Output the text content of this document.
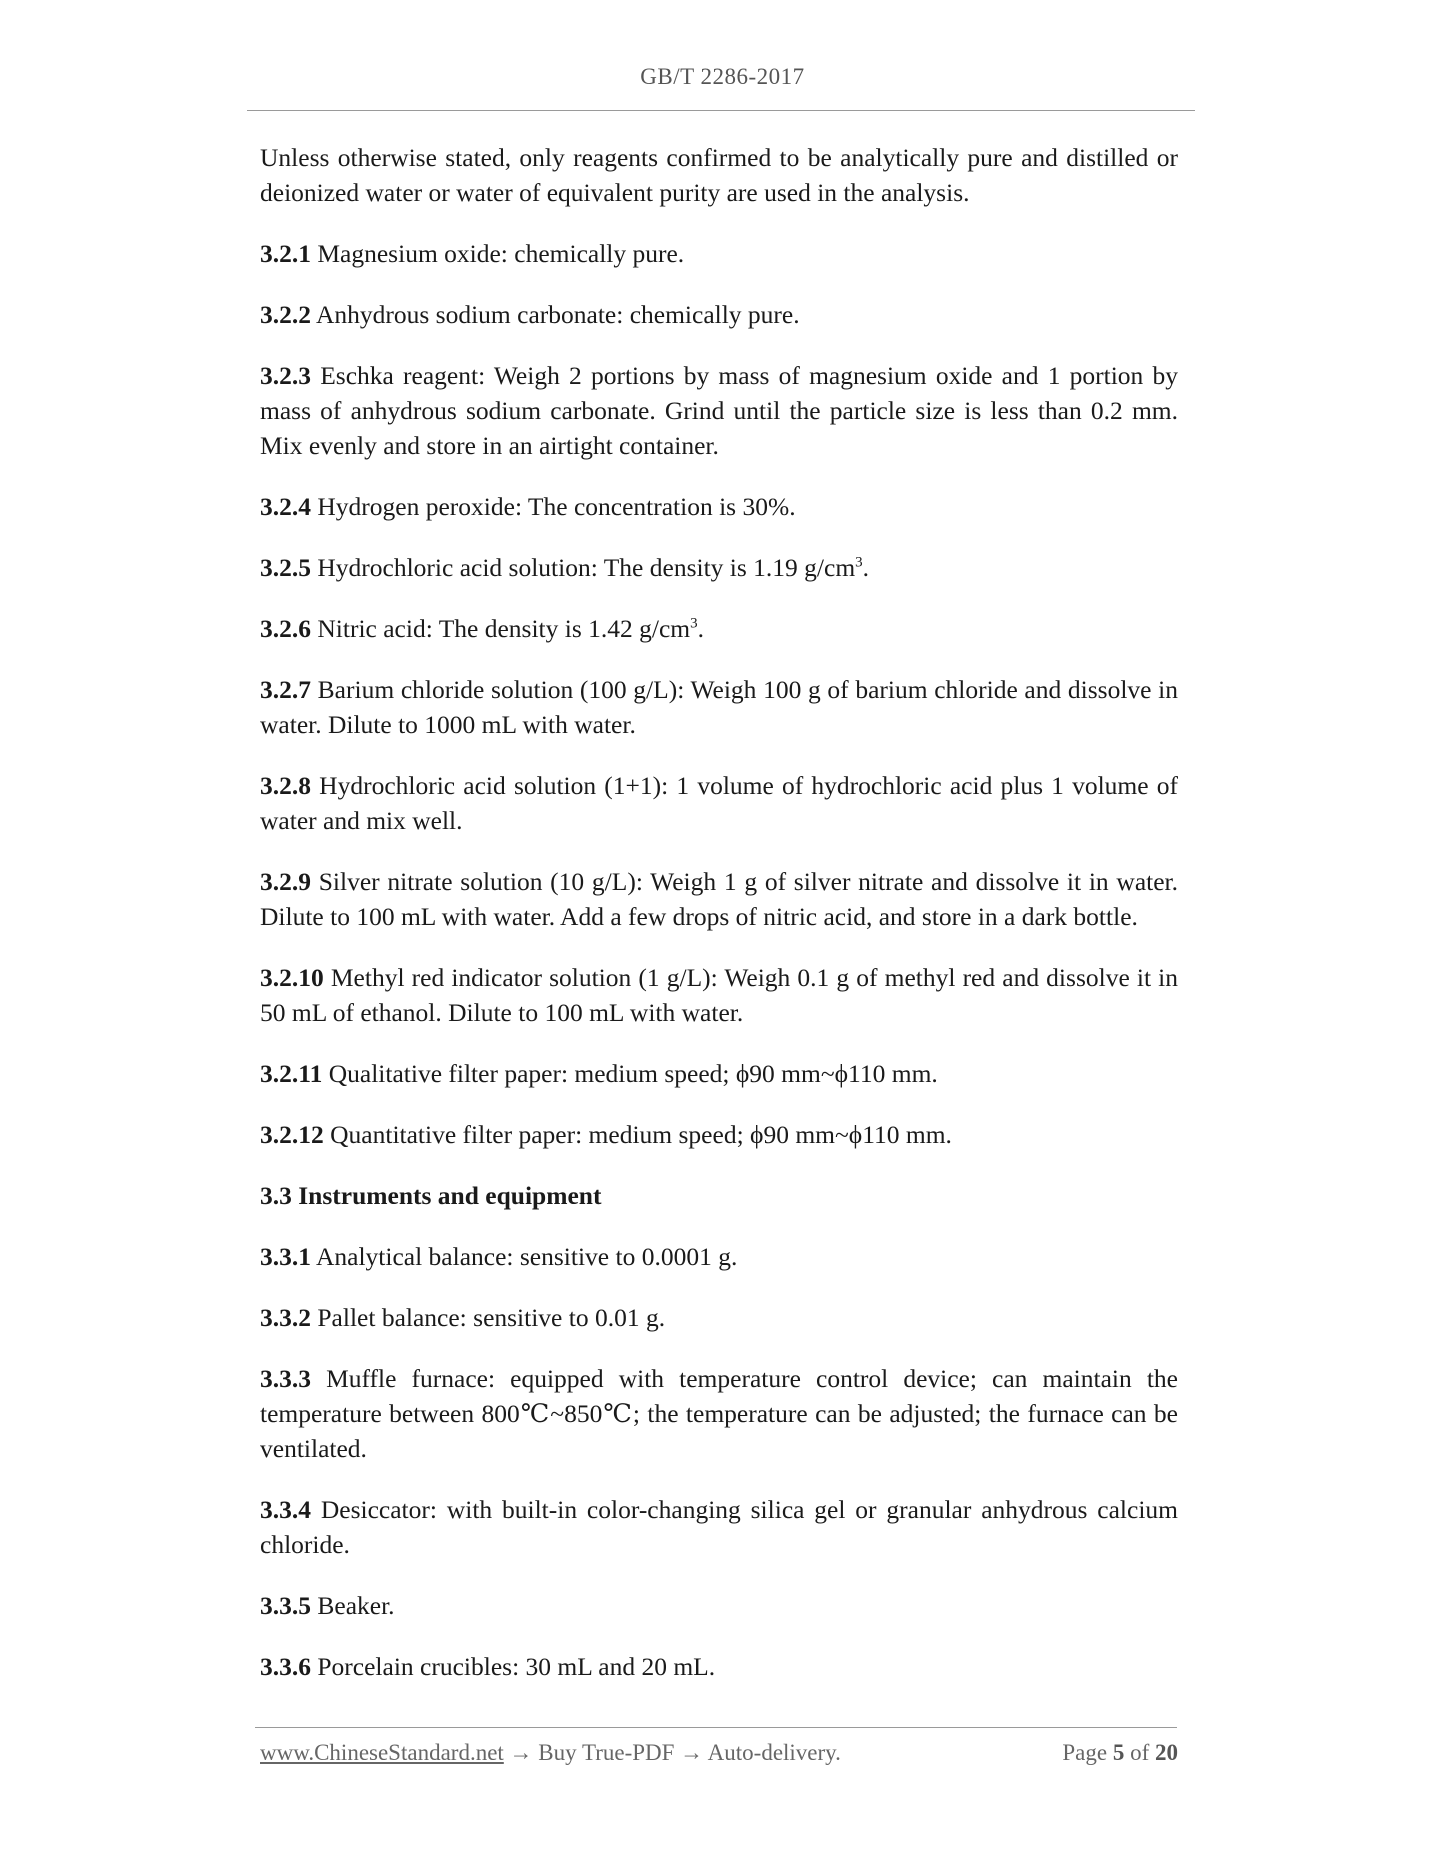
GB/T 2286-2017

Unless otherwise stated, only reagents confirmed to be analytically pure and distilled or deionized water or water of equivalent purity are used in the analysis.

3.2.1 Magnesium oxide: chemically pure.

3.2.2 Anhydrous sodium carbonate: chemically pure.

3.2.3 Eschka reagent: Weigh 2 portions by mass of magnesium oxide and 1 portion by mass of anhydrous sodium carbonate. Grind until the particle size is less than 0.2 mm. Mix evenly and store in an airtight container.

3.2.4 Hydrogen peroxide: The concentration is 30%.

3.2.5 Hydrochloric acid solution: The density is 1.19 $g/cm^3$.

3.2.6 Nitric acid: The density is 1.42 $g/cm^3$.

3.2.7 Barium chloride solution (100 g/L): Weigh 100 g of barium chloride and dissolve in water. Dilute to 1000 mL with water.

3.2.8 Hydrochloric acid solution (1+1): 1 volume of hydrochloric acid plus 1 volume of water and mix well.

3.2.9 Silver nitrate solution (10 g/L): Weigh 1 g of silver nitrate and dissolve it in water. Dilute to 100 mL with water. Add a few drops of nitric acid, and store in a dark bottle.

3.2.10 Methyl red indicator solution (1 g/L): Weigh 0.1 g of methyl red and dissolve it in 50 mL of ethanol. Dilute to 100 mL with water.

3.2.11 Qualitative filter paper: medium speed; ϕ90 mm~ϕ110 mm.

3.2.12 Quantitative filter paper: medium speed; ϕ90 mm~ϕ110 mm.

3.3 Instruments and equipment

3.3.1 Analytical balance: sensitive to 0.0001 g.

3.3.2 Pallet balance: sensitive to 0.01 g.

3.3.3 Muffle furnace: equipped with temperature control device; can maintain the temperature between 800℃~850℃; the temperature can be adjusted; the furnace can be ventilated.

3.3.4 Desiccator: with built-in color-changing silica gel or granular anhydrous calcium chloride.

3.3.5 Beaker.

3.3.6 Porcelain crucibles: 30 mL and 20 mL.

www.ChineseStandard.net → Buy True-PDF → Auto-delivery.	Page 5 of 20
